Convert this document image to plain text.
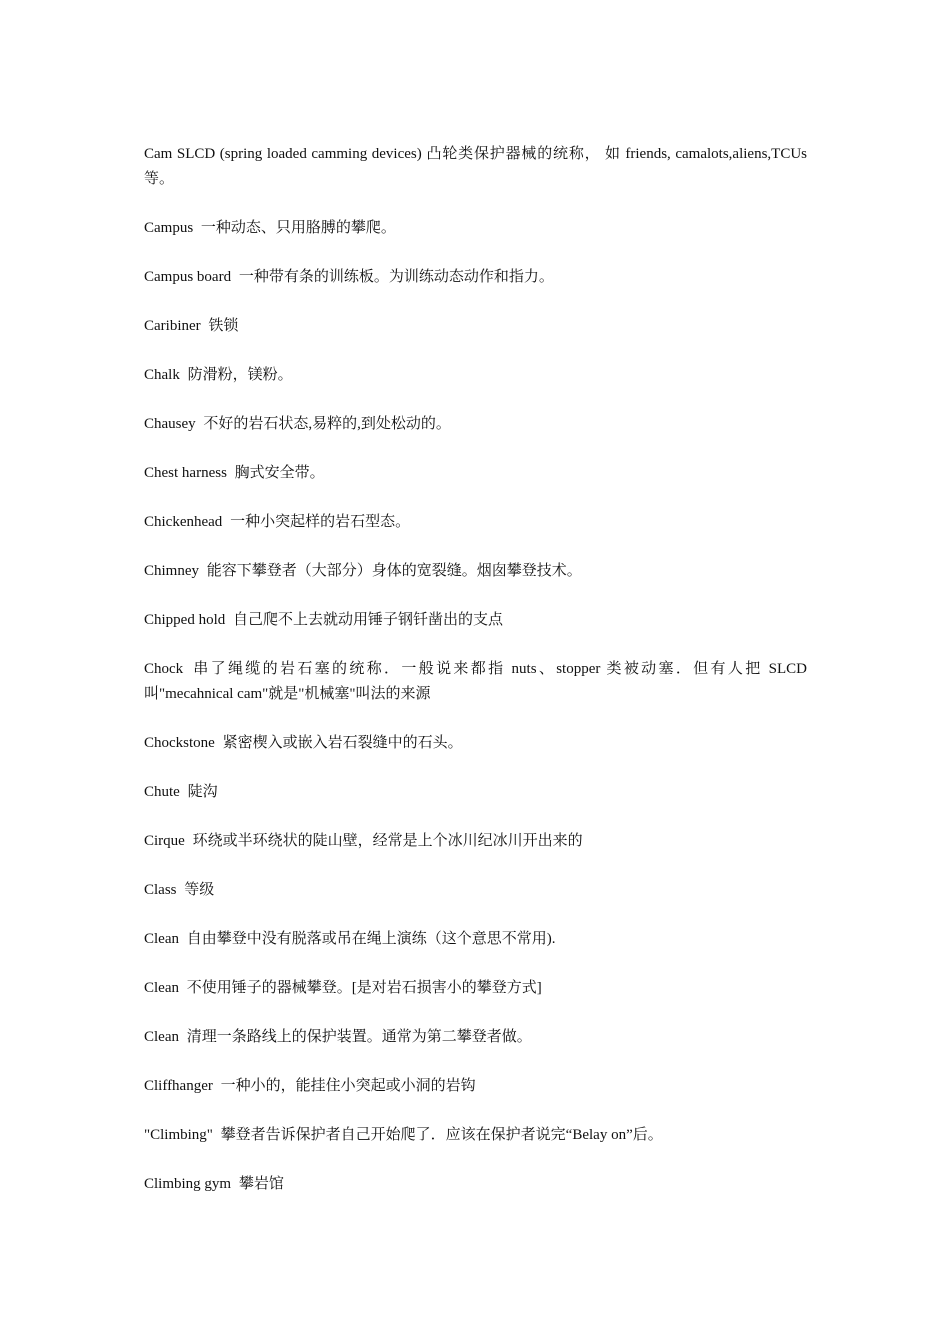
Cam SLCD (spring loaded camming devices) 凸轮类保护器械的统称， 如 friends, camalots,aliens,TCUs 等。

Campus 一种动态、只用胳膊的攀爬。

Campus board 一种带有条的训练板。为训练动态动作和指力。

Caribiner 铁锁

Chalk 防滑粉，镁粉。

Chausey 不好的岩石状态,易粹的,到处松动的。

Chest harness 胸式安全带。

Chickenhead 一种小突起样的岩石型态。

Chimney 能容下攀登者（大部分）身体的宽裂缝。烟囱攀登技术。

Chipped hold 自己爬不上去就动用锤子钢钎凿出的支点

Chock 串了绳缆的岩石塞的统称．一般说来都指 nuts、stopper 类被动塞．但有人把 SLCD 叫"mecahnical cam"就是"机械塞"叫法的来源

Chockstone 紧密楔入或嵌入岩石裂缝中的石头。

Chute 陡沟

Cirque 环绕或半环绕状的陡山壁，经常是上个冰川纪冰川开出来的

Class 等级

Clean 自由攀登中没有脱落或吊在绳上演练（这个意思不常用).

Clean 不使用锤子的器械攀登。[是对岩石损害小的攀登方式]

Clean 清理一条路线上的保护装置。通常为第二攀登者做。

Cliffhanger 一种小的，能挂住小突起或小洞的岩钩

"Climbing" 攀登者告诉保护者自己开始爬了．应该在保护者说完“Belay on”后。

Climbing gym 攀岩馆
